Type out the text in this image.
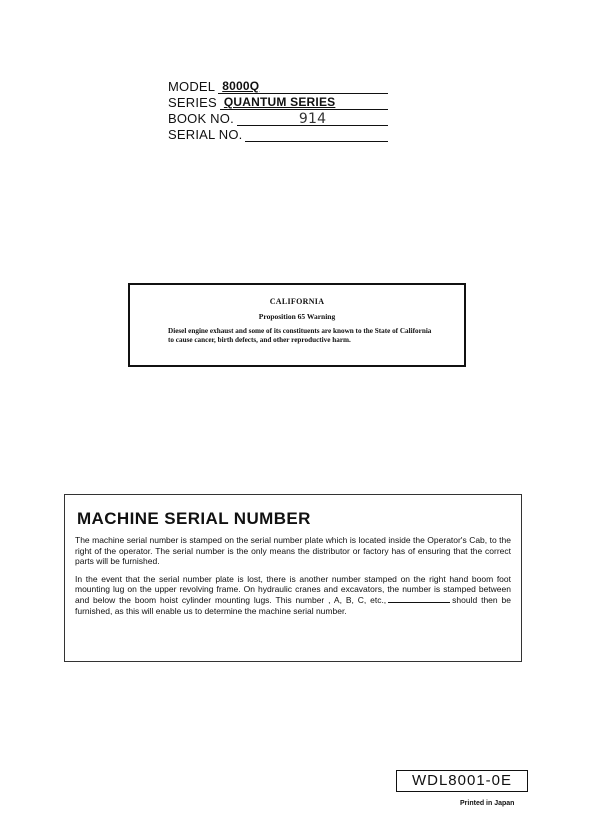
MODEL 8000Q
SERIES QUANTUM SERIES
BOOK NO.	914
SERIAL NO.
CALIFORNIA
Proposition 65 Warning
Diesel engine exhaust and some of its constituents are known to the State of California to cause cancer, birth defects, and other reproductive harm.
MACHINE SERIAL NUMBER

The machine serial number is stamped on the serial number plate which is located inside the Operator's Cab, to the right of the operator. The serial number is the only means the distributor or factory has of ensuring that the correct parts will be furnished.

In the event that the serial number plate is lost, there is another number stamped on the right hand boom foot mounting lug on the upper revolving frame. On hydraulic cranes and excavators, the number is stamped between and below the boom hoist cylinder mounting lugs. This number , A, B, C, etc.,	should then be furnished, as this will enable us to determine the machine serial number.

WDL8001-0E
Printed in Japan
